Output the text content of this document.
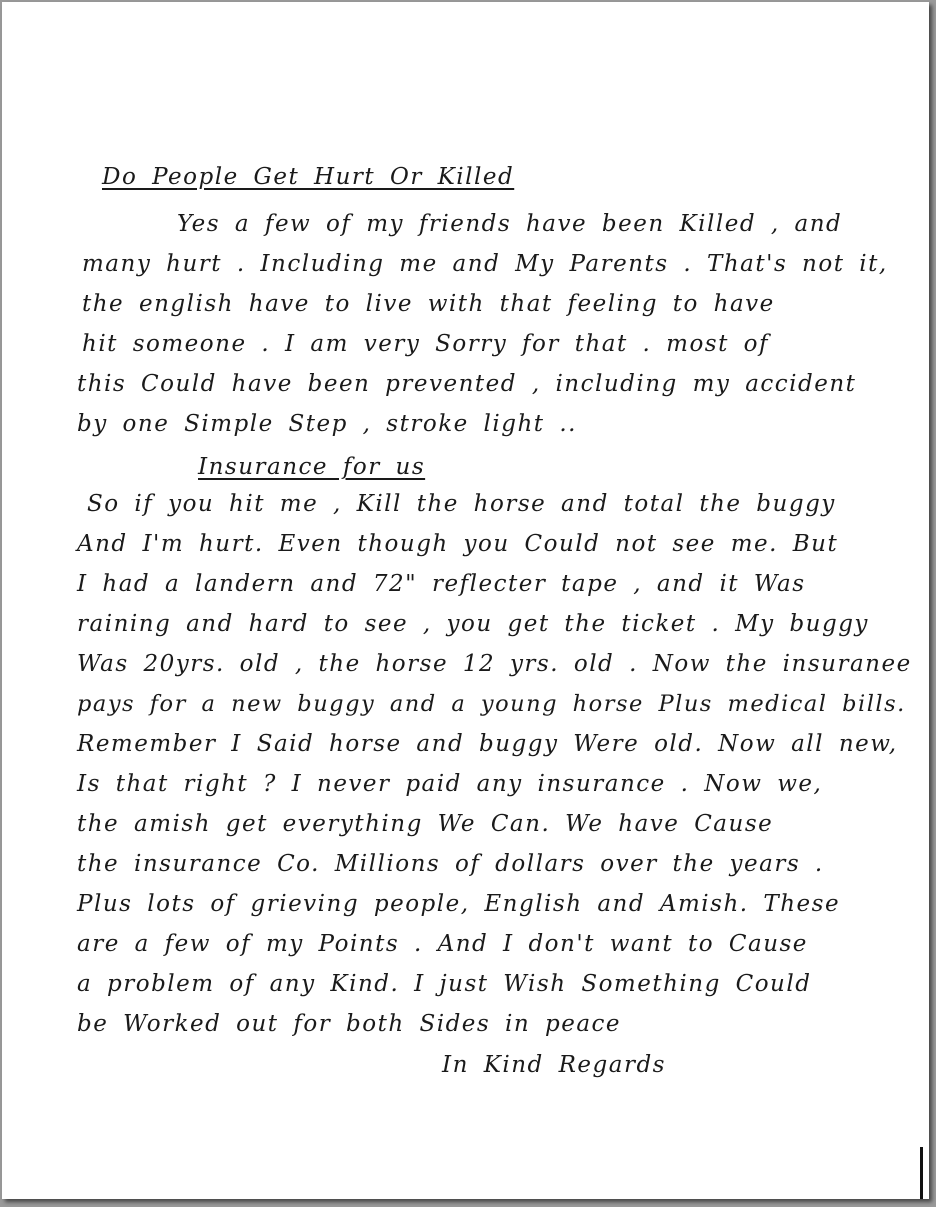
Do People Get Hurt Or Killed
Yes a few of my friends have been Killed , and
many hurt . Including me and My Parents . That's not it,
the english have to live with that feeling to have
hit someone . I am very Sorry for that . most of
this Could have been prevented , including my accident
by one Simple Step , stroke light ..
Insurance for us
So if you hit me , Kill the horse and total the buggy
And I'm hurt. Even though you Could not see me. But
I had a landern and 72" reflecter tape , and it Was
raining and hard to see , you get the ticket . My buggy
Was 20yrs. old , the horse 12 yrs. old . Now the insuranee
pays for a new buggy and a young horse Plus medical bills.
Remember I Said horse and buggy Were old. Now all new,
Is that right ? I never paid any insurance . Now we,
the amish get everything We Can. We have Cause
the insurance Co. Millions of dollars over the years .
Plus lots of grieving people, English and Amish. These
are a few of my Points . And I don't want to Cause
a problem of any Kind. I just Wish Something Could
be Worked out for both Sides in peace
In Kind Regards
